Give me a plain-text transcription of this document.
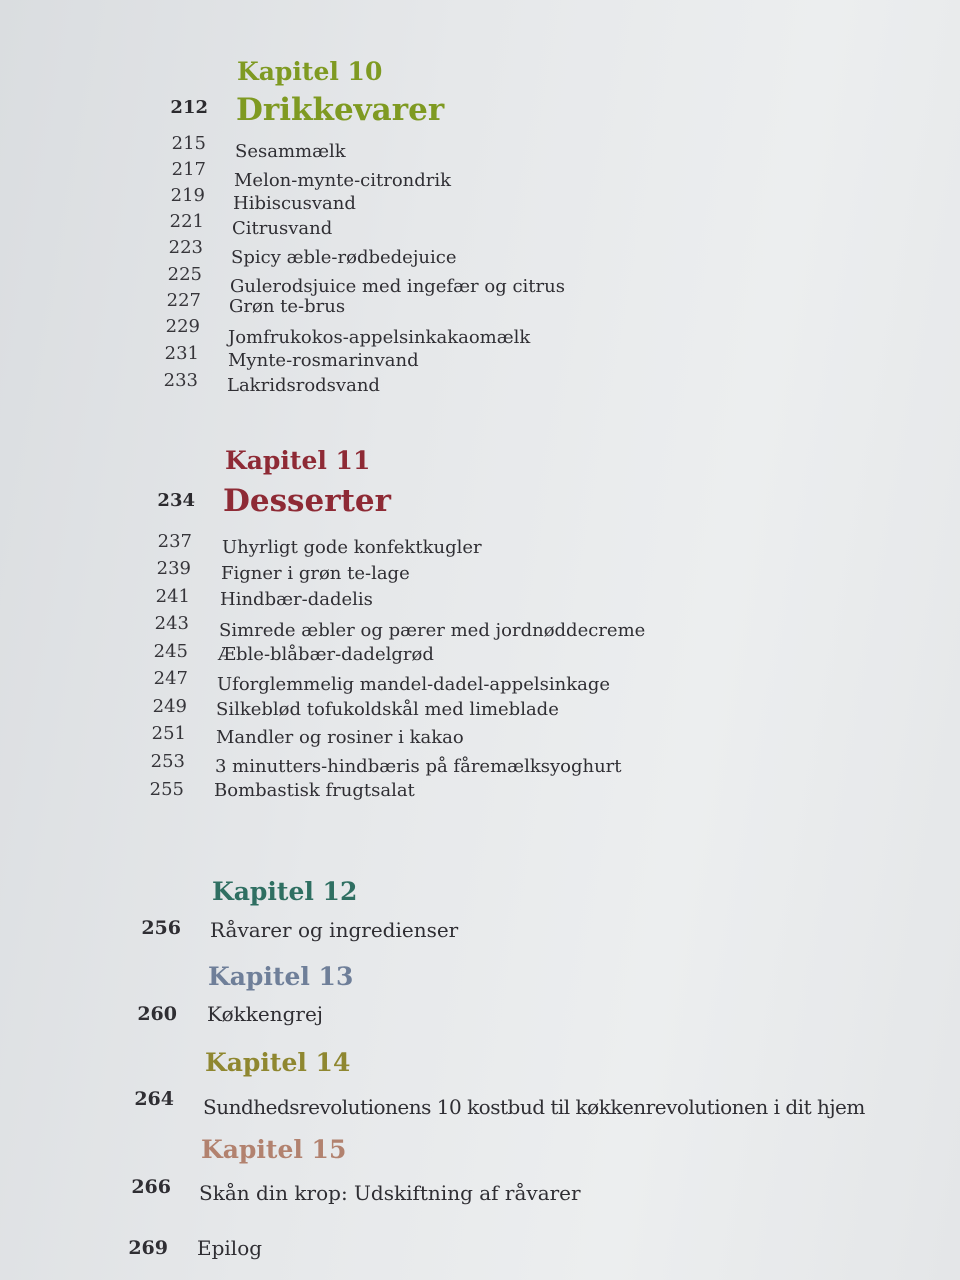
Kapitel 10
212 Drikkevarer
215 Sesammælk
217
Melon-mynte-citrondrik
219 Hibiscusvand
221 Citrusvand
223 Spicy æble-rødbedejuice
225
Gulerodsjuice med ingefær og citrus
227 Grøn te-brus
229
Jomfrukokos-appelsinkakaomælk
231 Mynte-rosmarinvand
233 Lakridsrodsvand
Kapitel 11
234 Desserter
237 Uhyrligt gode konfektkugler
239 Figner i grøn te-lage
241 Hindbær-dadelis
243 Simrede æbler og pærer med jordnøddecreme
245 Æble-blåbær-dadelgrød
247 Uforglemmelig mandel-dadel-appelsinkage
249 Silkeblød tofukoldskål med limeblade
251 Mandler og rosiner i kakao
253 3 minutters-hindbæris på fåremælksyoghurt
255 Bombastisk frugtsalat
Kapitel 12
256 Råvarer og ingredienser
Kapitel 13
260 Køkkengrej
Kapitel 14
264 Sundhedsrevolutionens 10 kostbud til køkkenrevolutionen i dit hjem
Kapitel 15
266 Skån din krop: Udskiftning af råvarer
269 Epilog
